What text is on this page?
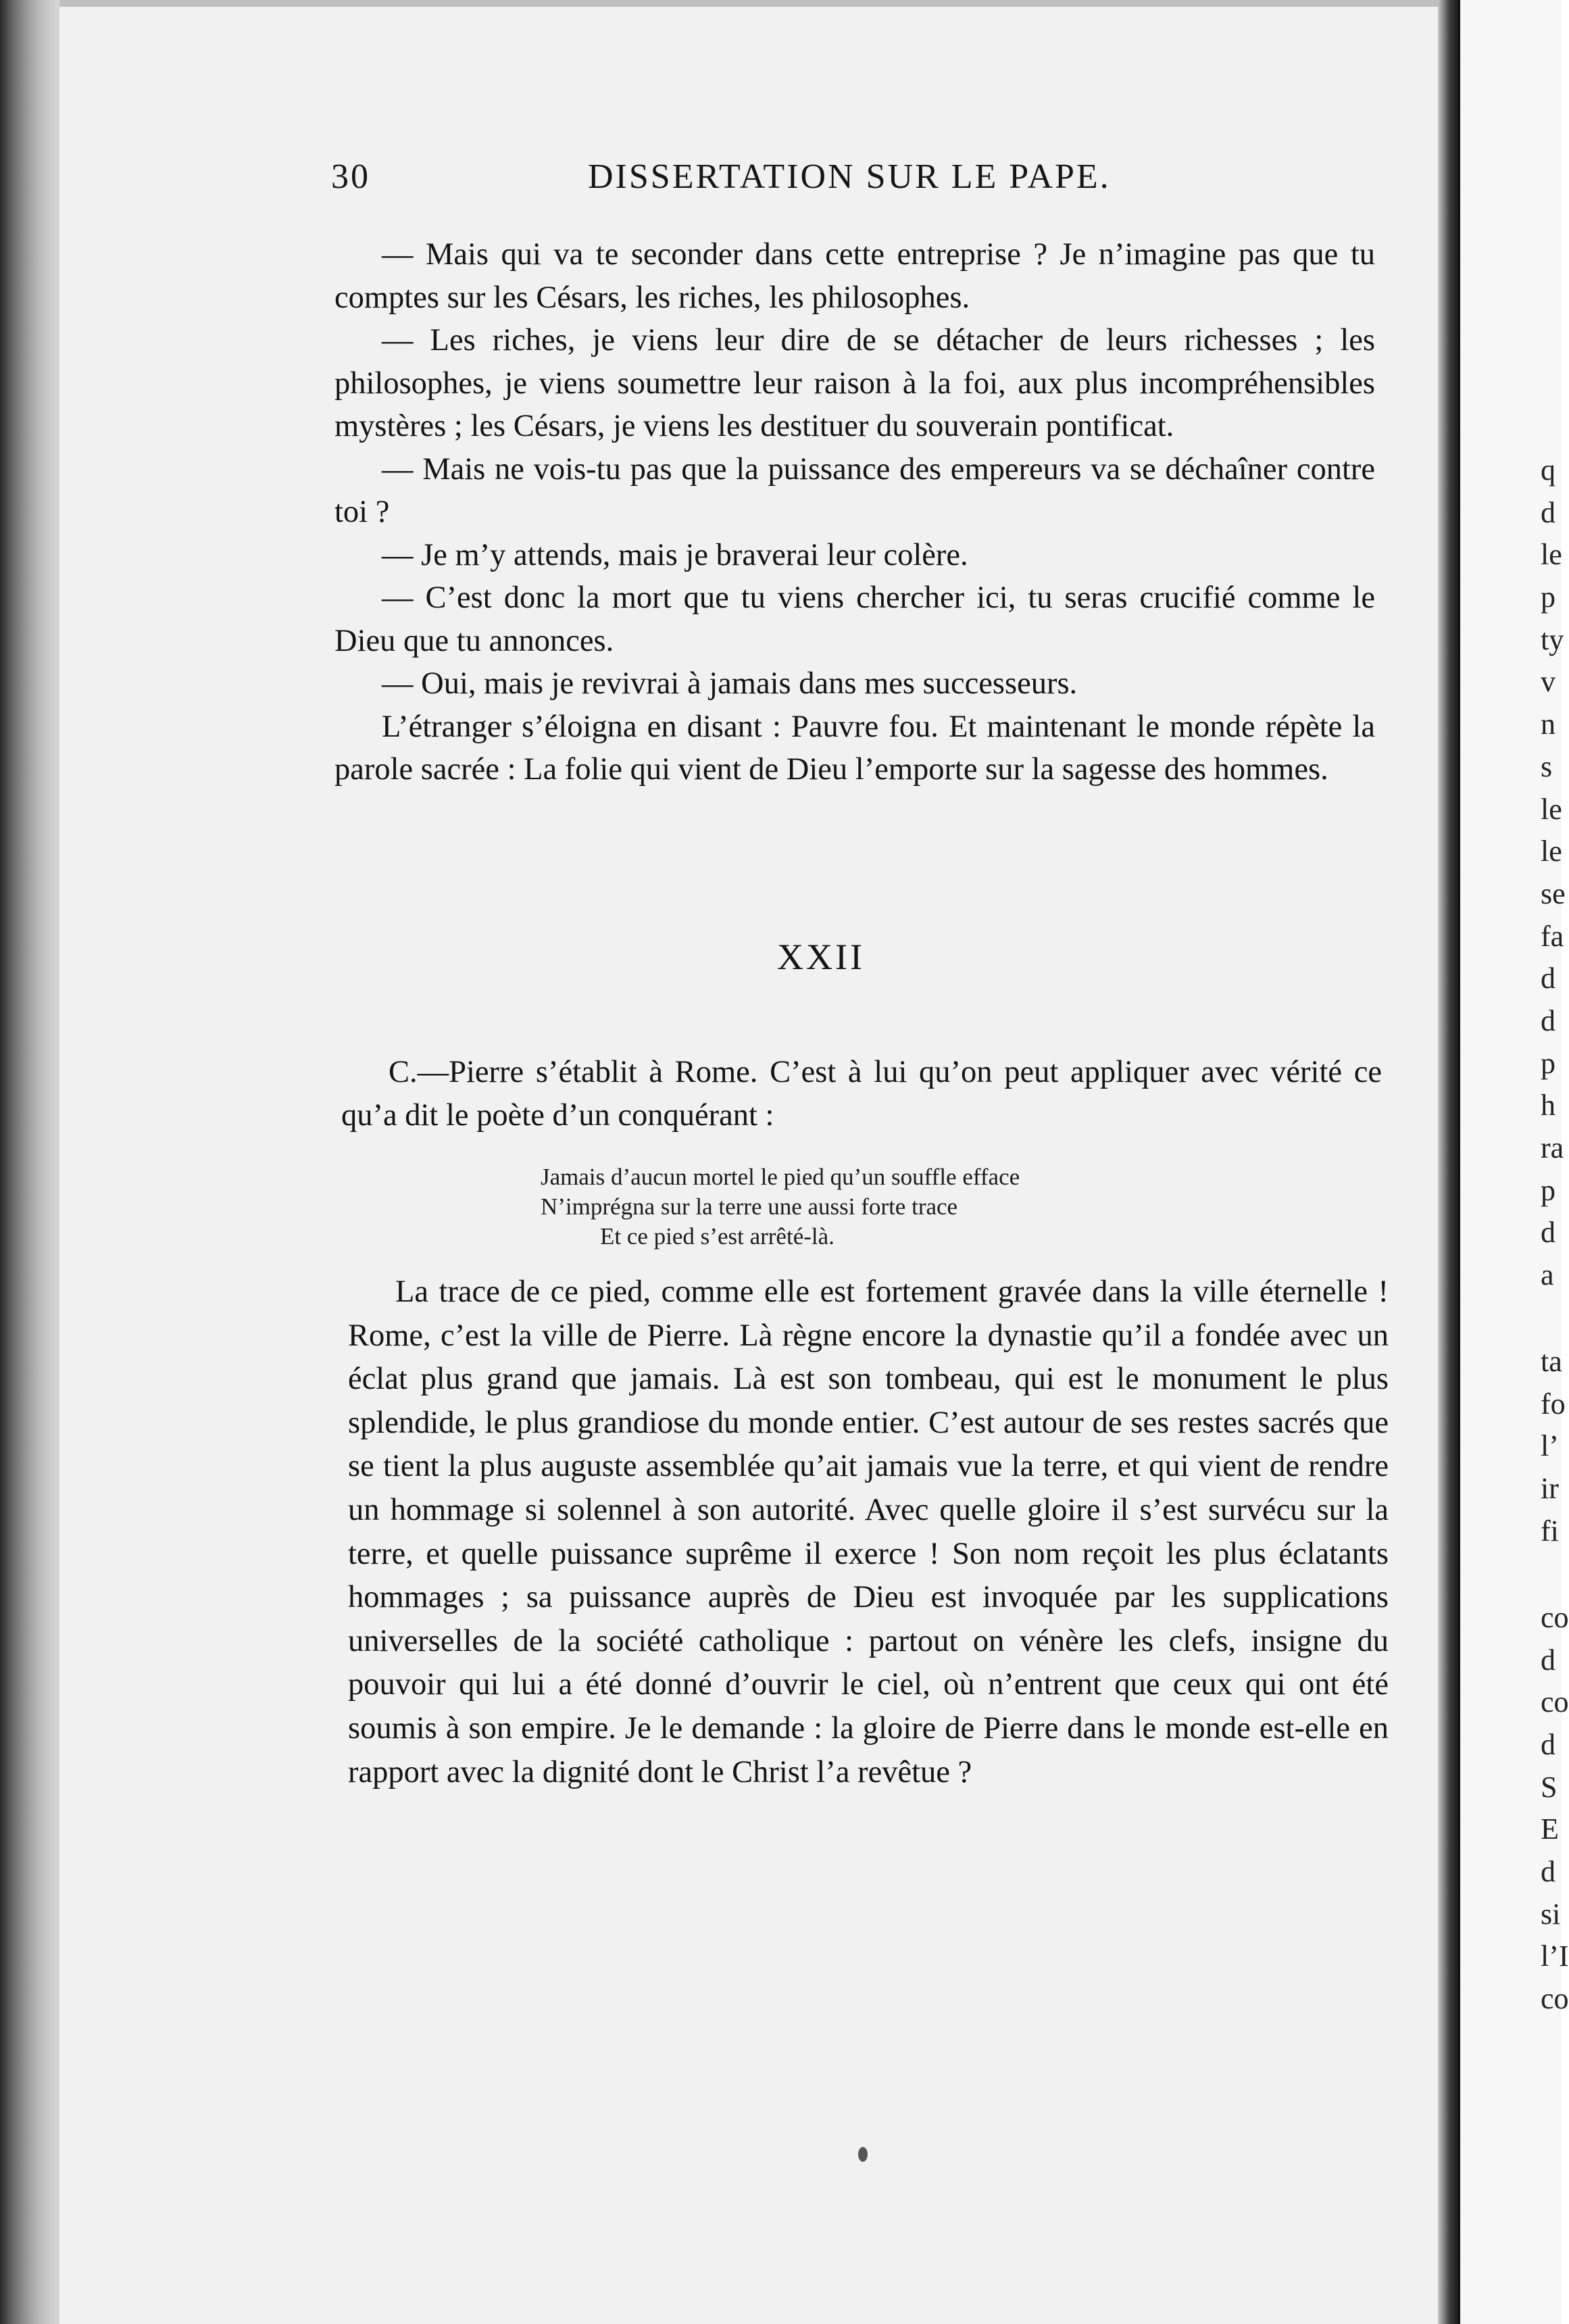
30	DISSERTATION SUR LE PAPE.

— Mais qui va te seconder dans cette entreprise ? Je n’imagine pas que tu comptes sur les Césars, les riches, les philosophes.

— Les riches, je viens leur dire de se détacher de leurs richesses ; les philosophes, je viens soumettre leur raison à la foi, aux plus incompréhensibles mystères ; les Césars, je viens les destituer du souverain pontificat.

— Mais ne vois-tu pas que la puissance des empereurs va se déchaîner contre toi ?

— Je m’y attends, mais je braverai leur colère.

— C’est donc la mort que tu viens chercher ici, tu seras crucifié comme le Dieu que tu annonces.

— Oui, mais je revivrai à jamais dans mes successeurs.

L’étranger s’éloigna en disant : Pauvre fou. Et maintenant le monde répète la parole sacrée : La folie qui vient de Dieu l’emporte sur la sagesse des hommes.

XXII

C.—Pierre s’établit à Rome. C’est à lui qu’on peut appliquer avec vérité ce qu’a dit le poète d’un conquérant :

Jamais d’aucun mortel le pied qu’un souffle efface
N’imprégna sur la terre une aussi forte trace
Et ce pied s’est arrêté-là.

La trace de ce pied, comme elle est fortement gravée dans la ville éternelle ! Rome, c’est la ville de Pierre. Là règne encore la dynastie qu’il a fondée avec un éclat plus grand que jamais. Là est son tombeau, qui est le monument le plus splendide, le plus grandiose du monde entier. C’est autour de ses restes sacrés que se tient la plus auguste assemblée qu’ait jamais vue la terre, et qui vient de rendre un hommage si solennel à son autorité. Avec quelle gloire il s’est survécu sur la terre, et quelle puissance suprême il exerce ! Son nom reçoit les plus éclatants hommages ; sa puissance auprès de Dieu est invoquée par les supplications universelles de la société catholique : partout on vénère les clefs, insigne du pouvoir qui lui a été donné d’ouvrir le ciel, où n’entrent que ceux qui ont été soumis à son empire. Je le demande : la gloire de Pierre dans le monde est-elle en rapport avec la dignité dont le Christ l’a revêtue ?

q
d
le
p
ty
v
n
s
le
le
se
fa
d
d
p
h
ra
p
d
a
ta
fo
l’
ir
fi
co
d
co
d
S
E
d
si
l’I
co
